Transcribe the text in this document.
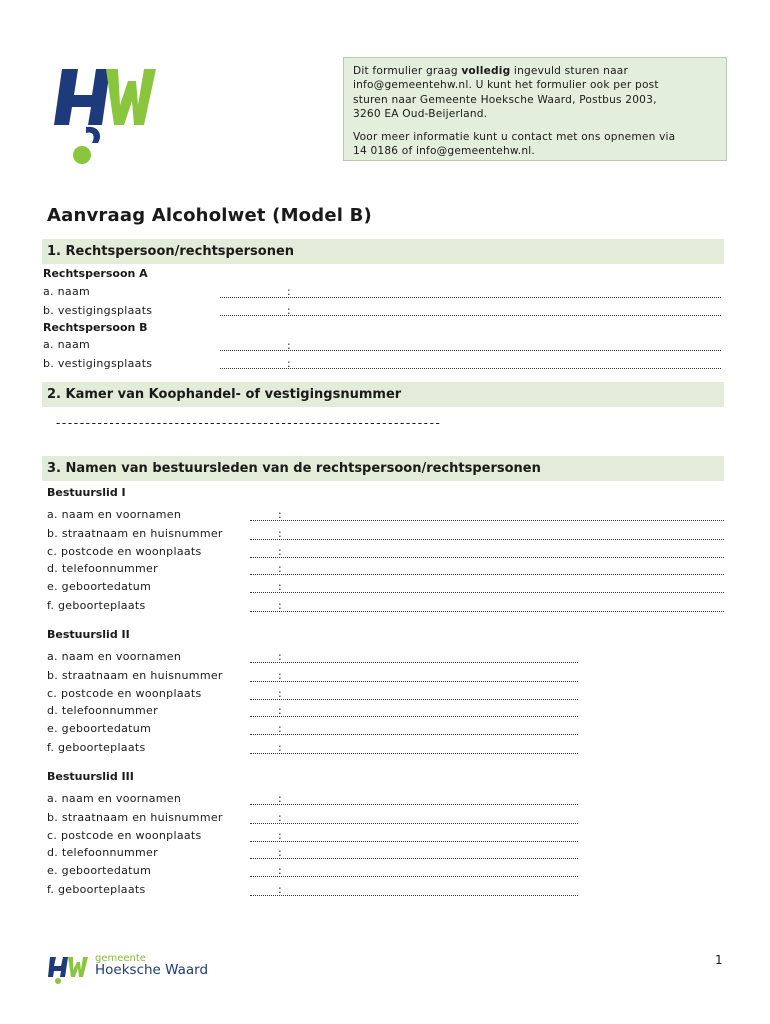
Dit formulier graag volledig ingevuld sturen naar
info@gemeentehw.nl. U kunt het formulier ook per post
sturen naar Gemeente Hoeksche Waard, Postbus 2003,
3260 EA Oud-Beijerland.

Voor meer informatie kunt u contact met ons opnemen via
14 0186 of info@gemeentehw.nl.

Aanvraag Alcoholwet (Model B)
1. Rechtspersoon/rechtspersonen
Rechtspersoon A
a. naam	:
b. vestigingsplaats	:
Rechtspersoon B
a. naam	:
b. vestigingsplaats	:
2. Kamer van Koophandel- of vestigingsnummer
-----------------------------------------------------------------
3. Namen van bestuursleden van de rechtspersoon/rechtspersonen
Bestuurslid I
a. naam en voornamen	:
b. straatnaam en huisnummer	:
c. postcode en woonplaats	:
d. telefoonnummer	:
e. geboortedatum	:
f. geboorteplaats	:
Bestuurslid II
a. naam en voornamen	:
b. straatnaam en huisnummer	:
c. postcode en woonplaats	:
d. telefoonnummer	:
e. geboortedatum	:
f. geboorteplaats	:
Bestuurslid III
a. naam en voornamen	:
b. straatnaam en huisnummer	:
c. postcode en woonplaats	:
d. telefoonnummer	:
e. geboortedatum	:
f. geboorteplaats	:
gemeente
Hoeksche Waard
1
